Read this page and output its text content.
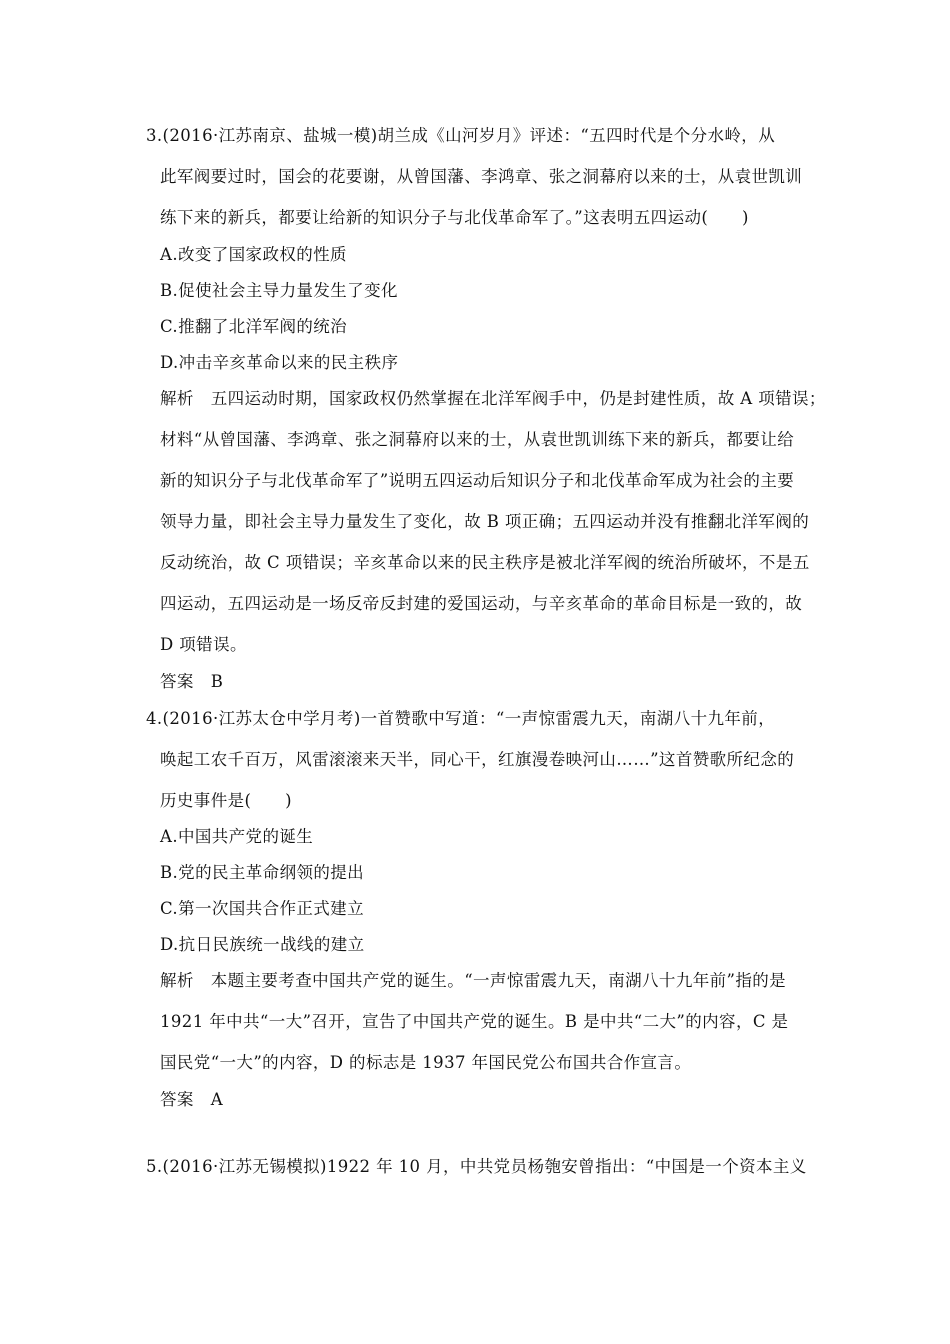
3.(2016·江苏南京、盐城一模)胡兰成《山河岁月》评述：“五四时代是个分水岭，从
此军阀要过时，国会的花要谢，从曾国藩、李鸿章、张之洞幕府以来的士，从袁世凯训
练下来的新兵，都要让给新的知识分子与北伐革命军了。”这表明五四运动(　　)
A.改变了国家政权的性质
B.促使社会主导力量发生了变化
C.推翻了北洋军阀的统治
D.冲击辛亥革命以来的民主秩序
解析　五四运动时期，国家政权仍然掌握在北洋军阀手中，仍是封建性质，故 A 项错误；
材料“从曾国藩、李鸿章、张之洞幕府以来的士，从袁世凯训练下来的新兵，都要让给
新的知识分子与北伐革命军了”说明五四运动后知识分子和北伐革命军成为社会的主要
领导力量，即社会主导力量发生了变化，故 B 项正确；五四运动并没有推翻北洋军阀的
反动统治，故 C 项错误；辛亥革命以来的民主秩序是被北洋军阀的统治所破坏，不是五
四运动，五四运动是一场反帝反封建的爱国运动，与辛亥革命的革命目标是一致的，故
D 项错误。
答案　B
4.(2016·江苏太仓中学月考)一首赞歌中写道：“一声惊雷震九天，南湖八十九年前，
唤起工农千百万，风雷滚滚来天半，同心干，红旗漫卷映河山……”这首赞歌所纪念的
历史事件是(　　)
A.中国共产党的诞生
B.党的民主革命纲领的提出
C.第一次国共合作正式建立
D.抗日民族统一战线的建立
解析　本题主要考查中国共产党的诞生。“一声惊雷震九天，南湖八十九年前”指的是
1921 年中共“一大”召开，宣告了中国共产党的诞生。B 是中共“二大”的内容，C 是
国民党“一大”的内容，D 的标志是 1937 年国民党公布国共合作宣言。
答案　A
5.(2016·江苏无锡模拟)1922 年 10 月，中共党员杨匏安曾指出：“中国是一个资本主义
